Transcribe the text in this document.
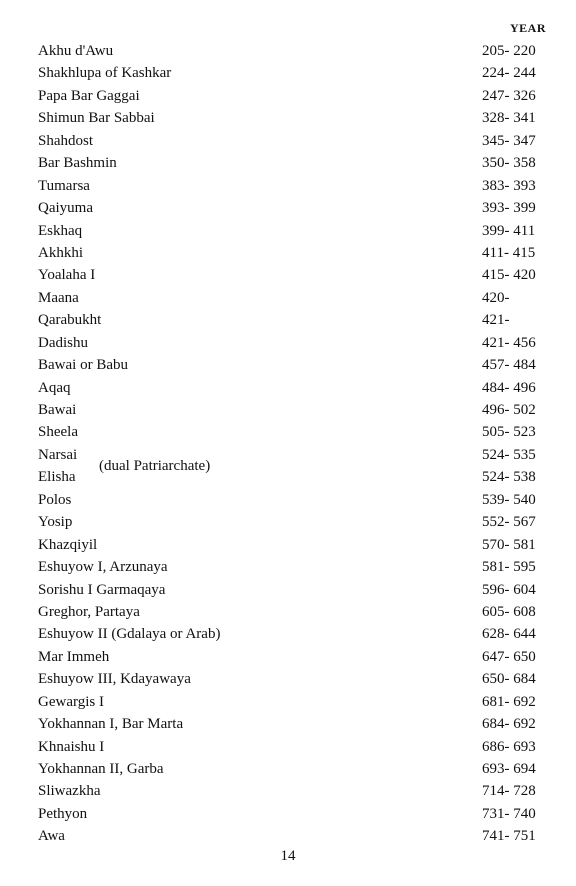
YEAR
Akhu d'Awu	205- 220
Shakhlupa of Kashkar	224- 244
Papa Bar Gaggai	247- 326
Shimun Bar Sabbai	328- 341
Shahdost	345- 347
Bar Bashmin	350- 358
Tumarsa	383- 393
Qaiyuma	393- 399
Eskhaq	399- 411
Akhkhi	411- 415
Yoalaha I	415- 420
Maana	420-
Qarabukht	421-
Dadishu	421- 456
Bawai or Babu	457- 484
Aqaq	484- 496
Bawai	496- 502
Sheela	505- 523
Narsai	524- 535
Elisha	524- 538
Polos	539- 540
Yosip	552- 567
Khazqiyil	570- 581
Eshuyow I, Arzunaya	581- 595
Sorishu I Garmaqaya	596- 604
Greghor, Partaya	605- 608
Eshuyow II (Gdalaya or Arab)	628- 644
Mar Immeh	647- 650
Eshuyow III, Kdayawaya	650- 684
Gewargis I	681- 692
Yokhannan I, Bar Marta	684- 692
Khnaishu I	686- 693
Yokhannan II, Garba	693- 694
Sliwazkha	714- 728
Pethyon	731- 740
Awa	741- 751
(dual Patriarchate)
14
